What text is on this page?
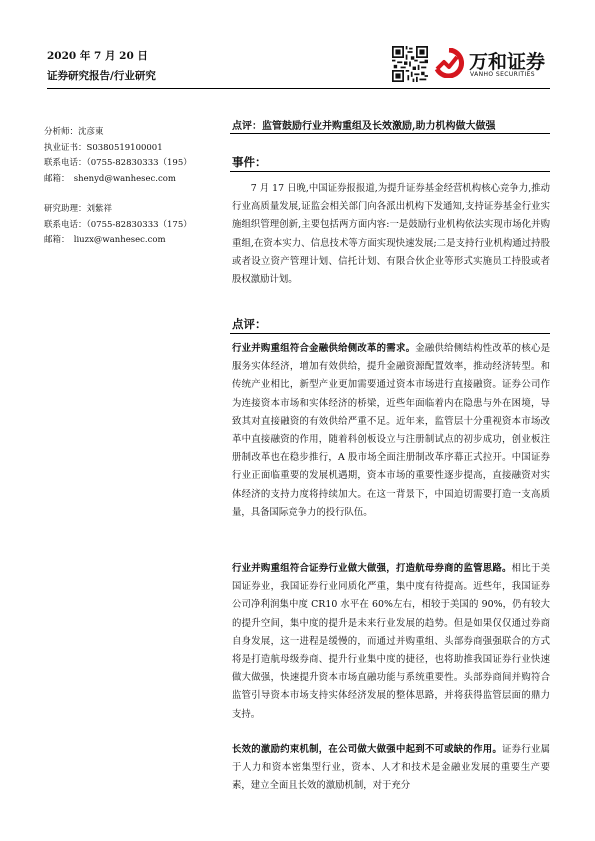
2020 年 7 月 20 日
证券研究报告/行业研究
万和证券
VANHO SECURITIES
分析师：沈彦東
执业证书：S0380519100001
联系电话：（0755-82830333（195）
邮箱：　shenyd@wanhesec.com
研究助理：刘紫祥
联系电话：（0755-82830333（175）
邮箱：　liuzx@wanhesec.com
点评：监管鼓励行业并购重组及长效激励,助力机构做大做强
事件：
7 月 17 日晚,中国证券报报道,为提升证券基金经营机构核心竞争力,推动行业高质量发展,证监会相关部门向各派出机构下发通知,支持证券基金行业实施组织管理创新,主要包括两方面内容:一是鼓励行业机构依法实现市场化并购重组,在资本实力、信息技术等方面实现快速发展;二是支持行业机构通过持股或者设立资产管理计划、信托计划、有限合伙企业等形式实施员工持股或者股权激励计划。
点评：
行业并购重组符合金融供给侧改革的需求。金融供给侧结构性改革的核心是服务实体经济，增加有效供给，提升金融资源配置效率，推动经济转型。和传统产业相比，新型产业更加需要通过资本市场进行直接融资。证券公司作为连接资本市场和实体经济的桥梁，近些年面临着内在隐患与外在困境，导致其对直接融资的有效供给严重不足。近年来，监管层十分重视资本市场改革中直接融资的作用，随着科创板设立与注册制试点的初步成功，创业板注册制改革也在稳步推行，A 股市场全面注册制改革序幕正式拉开。中国证券行业正面临重要的发展机遇期，资本市场的重要性逐步提高，直接融资对实体经济的支持力度将持续加大。在这一背景下，中国迫切需要打造一支高质量，具备国际竞争力的投行队伍。
行业并购重组符合证券行业做大做强，打造航母券商的监管思路。相比于美国证券业，我国证券行业同质化严重，集中度有待提高。近些年，我国证券公司净利润集中度 CR10 水平在 60%左右，相较于美国的 90%，仍有较大的提升空间，集中度的提升是未来行业发展的趋势。但是如果仅仅通过券商自身发展，这一进程是缓慢的，而通过并购重组、头部券商强强联合的方式将是打造航母级券商、提升行业集中度的捷径，也将助推我国证券行业快速做大做强，快速提升资本市场直融功能与系统重要性。头部券商间并购符合监管引导资本市场支持实体经济发展的整体思路，并将获得监管层面的鼎力支持。
长效的激励约束机制，在公司做大做强中起到不可或缺的作用。证券行业属于人力和资本密集型行业，资本、人才和技术是金融业发展的重要生产要素，建立全面且长效的激励机制，对于充分
